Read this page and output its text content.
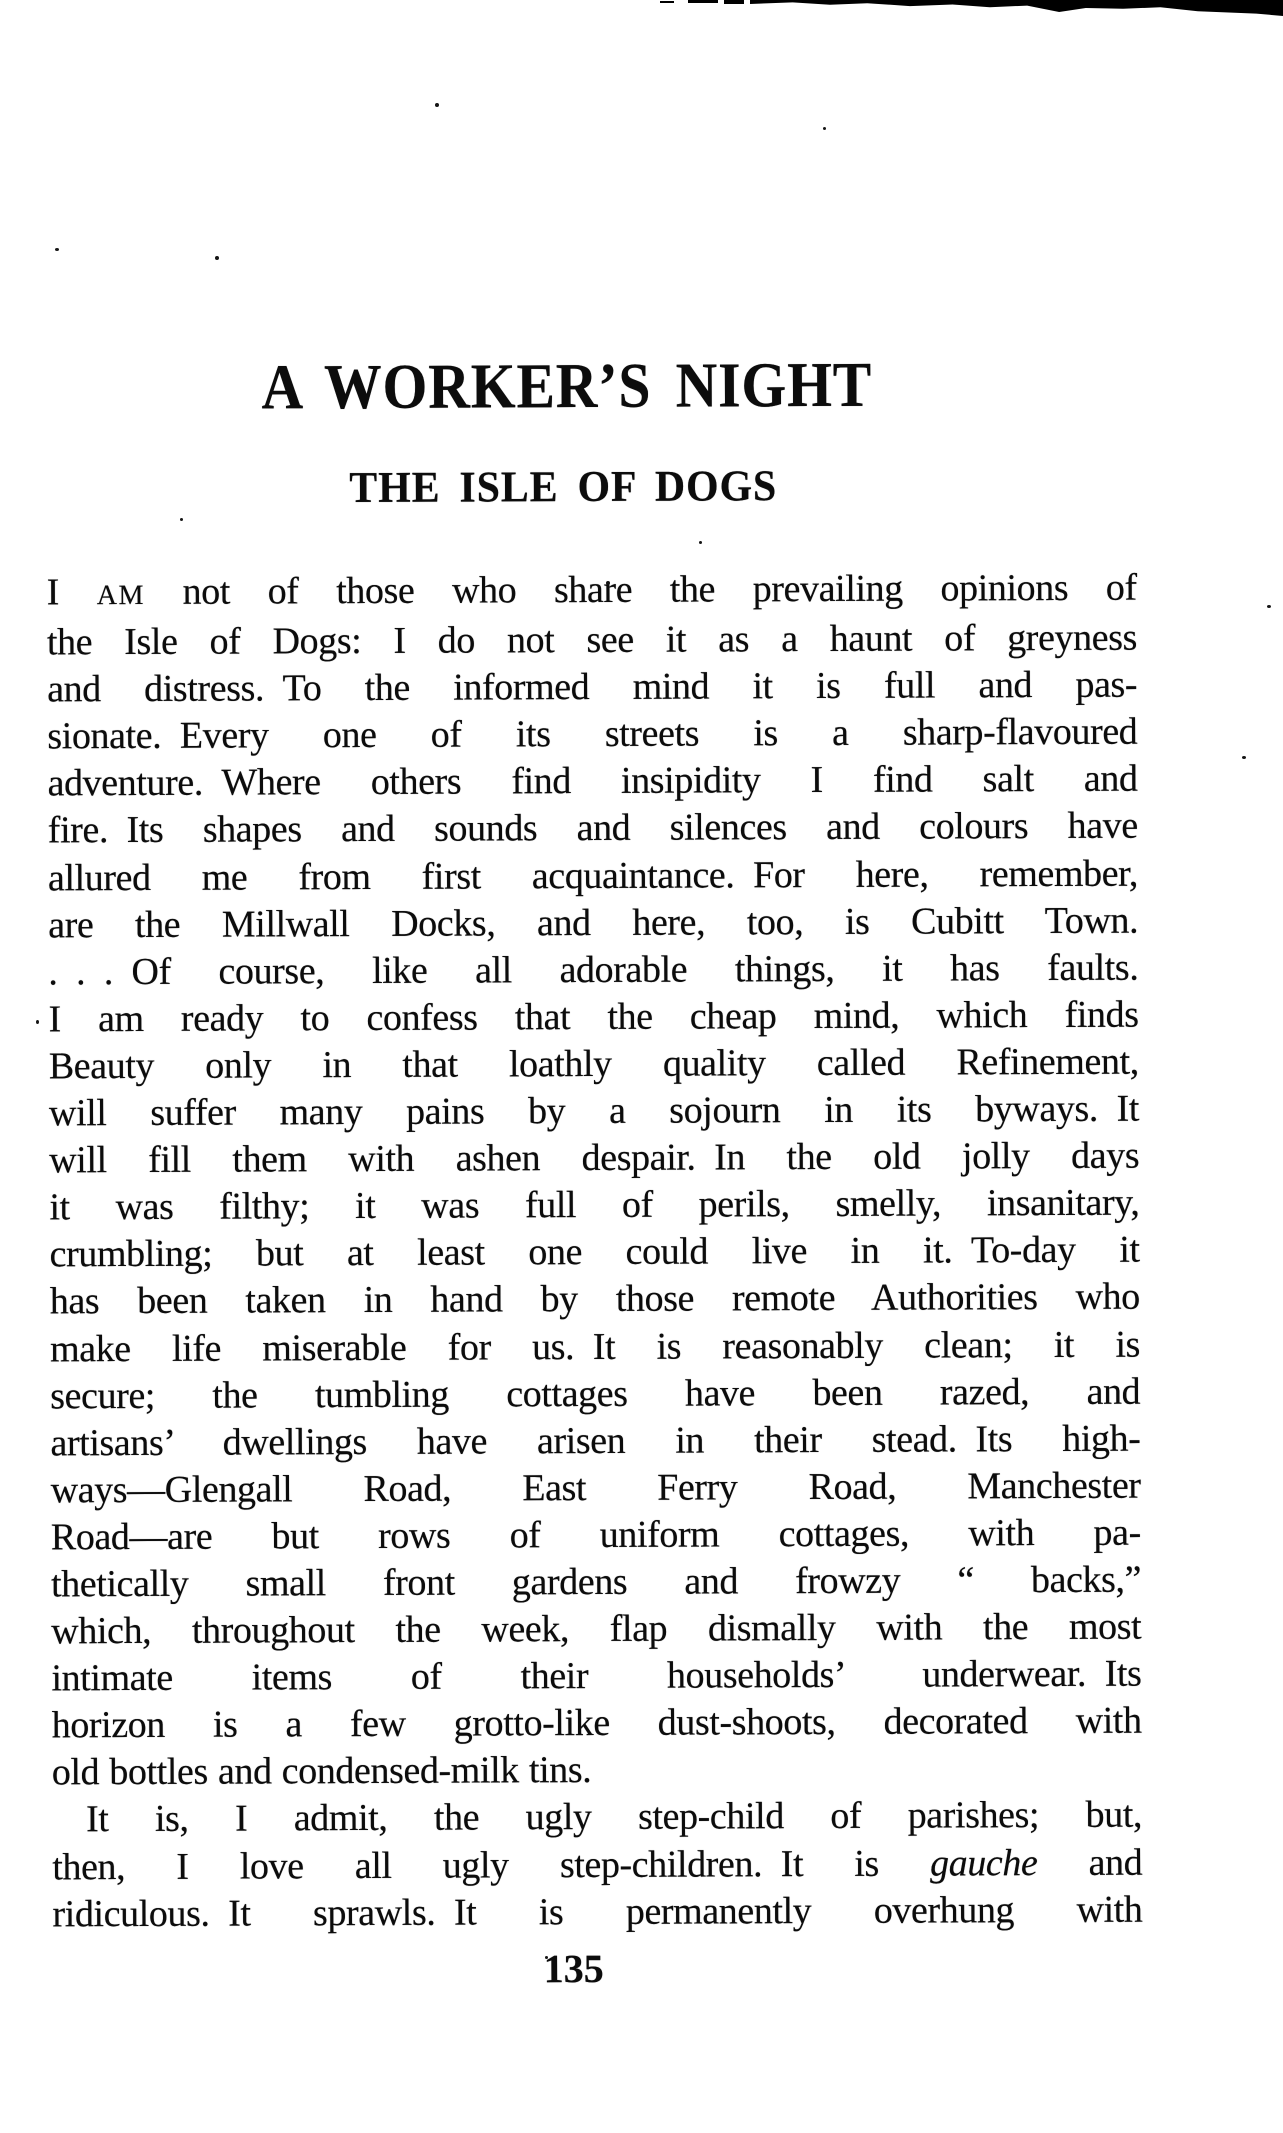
A WORKER’S NIGHT
THE ISLE OF DOGS
I AM not of those who share the prevailing opinions of
the Isle of Dogs: I do not see it as a haunt of greyness
and distress. To the informed mind it is full and pas-
sionate. Every one of its streets is a sharp-flavoured
adventure. Where others find insipidity I find salt and
fire. Its shapes and sounds and silences and colours have
allured me from first acquaintance. For here, remember,
are the Millwall Docks, and here, too, is Cubitt Town.
. . . Of course, like all adorable things, it has faults.
I am ready to confess that the cheap mind, which finds
Beauty only in that loathly quality called Refinement,
will suffer many pains by a sojourn in its byways. It
will fill them with ashen despair. In the old jolly days
it was filthy; it was full of perils, smelly, insanitary,
crumbling; but at least one could live in it. To-day it
has been taken in hand by those remote Authorities who
make life miserable for us. It is reasonably clean; it is
secure; the tumbling cottages have been razed, and
artisans’ dwellings have arisen in their stead. Its high-
ways—Glengall Road, East Ferry Road, Manchester
Road—are but rows of uniform cottages, with pa-
thetically small front gardens and frowzy “ backs,”
which, throughout the week, flap dismally with the most
intimate items of their households’ underwear. Its
horizon is a few grotto-like dust-shoots, decorated with
old bottles and condensed-milk tins.
It is, I admit, the ugly step-child of parishes; but,
then, I love all ugly step-children. It is gauche and
ridiculous. It sprawls. It is permanently overhung with
135
